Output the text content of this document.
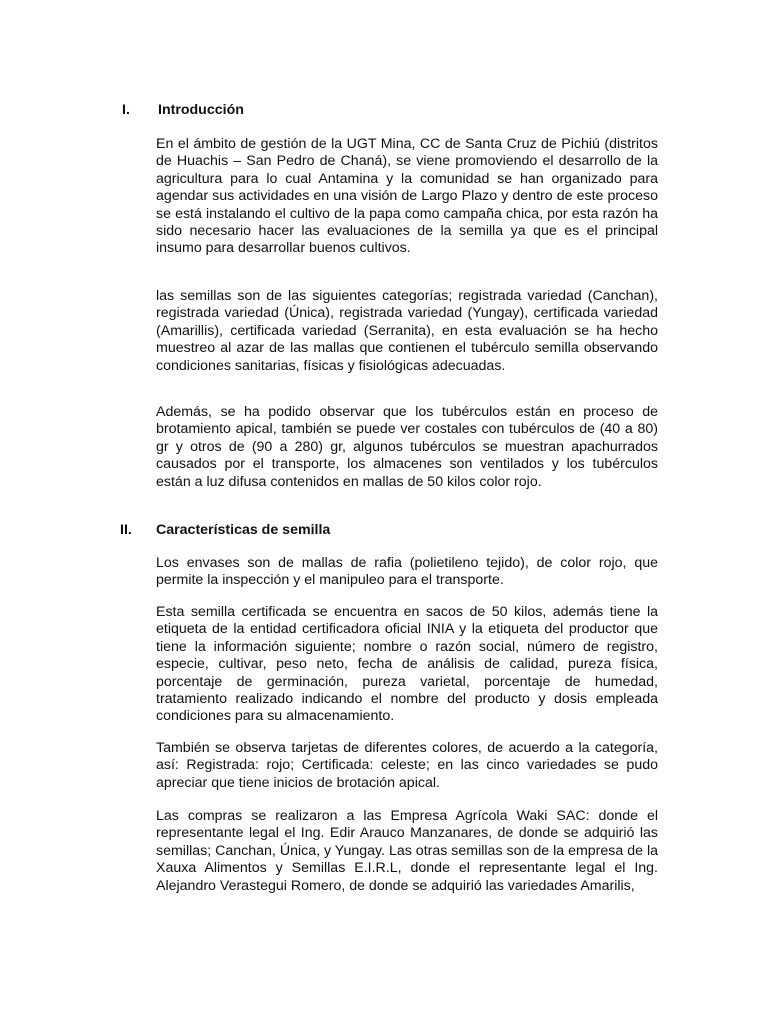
I. Introducción

En el ámbito de gestión de la UGT Mina, CC de Santa Cruz de Pichiú (distritos de Huachis – San Pedro de Chaná), se viene promoviendo el desarrollo de la agricultura para lo cual Antamina y la comunidad se han organizado para agendar sus actividades en una visión de Largo Plazo y dentro de este proceso se está instalando el cultivo de la papa como campaña chica, por esta razón ha sido necesario hacer las evaluaciones de la semilla ya que es el principal insumo para desarrollar buenos cultivos.

las semillas son de las siguientes categorías; registrada variedad (Canchan), registrada variedad (Única), registrada variedad (Yungay), certificada variedad (Amarillis), certificada variedad (Serranita), en esta evaluación se ha hecho muestreo al azar de las mallas que contienen el tubérculo semilla observando condiciones sanitarias, físicas y fisiológicas adecuadas.

Además, se ha podido observar que los tubérculos están en proceso de brotamiento apical, también se puede ver costales con tubérculos de (40 a 80) gr y otros de (90 a 280) gr, algunos tubérculos se muestran apachurrados causados por el transporte, los almacenes son ventilados y los tubérculos están a luz difusa contenidos en mallas de 50 kilos color rojo.

II. Características de semilla

Los envases son de mallas de rafia (polietileno tejido), de color rojo, que permite la inspección y el manipuleo para el transporte.

Esta semilla certificada se encuentra en sacos de 50 kilos, además tiene la etiqueta de la entidad certificadora oficial INIA y la etiqueta del productor que tiene la información siguiente; nombre o razón social, número de registro, especie, cultivar, peso neto, fecha de análisis de calidad, pureza física, porcentaje de germinación, pureza varietal, porcentaje de humedad, tratamiento realizado indicando el nombre del producto y dosis empleada condiciones para su almacenamiento.

También se observa tarjetas de diferentes colores, de acuerdo a la categoría, así: Registrada: rojo; Certificada: celeste; en las cinco variedades se pudo apreciar que tiene inicios de brotación apical.

Las compras se realizaron a las Empresa Agrícola Waki SAC: donde el representante legal el Ing. Edir Arauco Manzanares, de donde se adquirió las semillas; Canchan, Única, y Yungay. Las otras semillas son de la empresa de la Xauxa Alimentos y Semillas E.I.R.L, donde el representante legal el Ing. Alejandro Verastegui Romero, de donde se adquirió las variedades Amarilis,
